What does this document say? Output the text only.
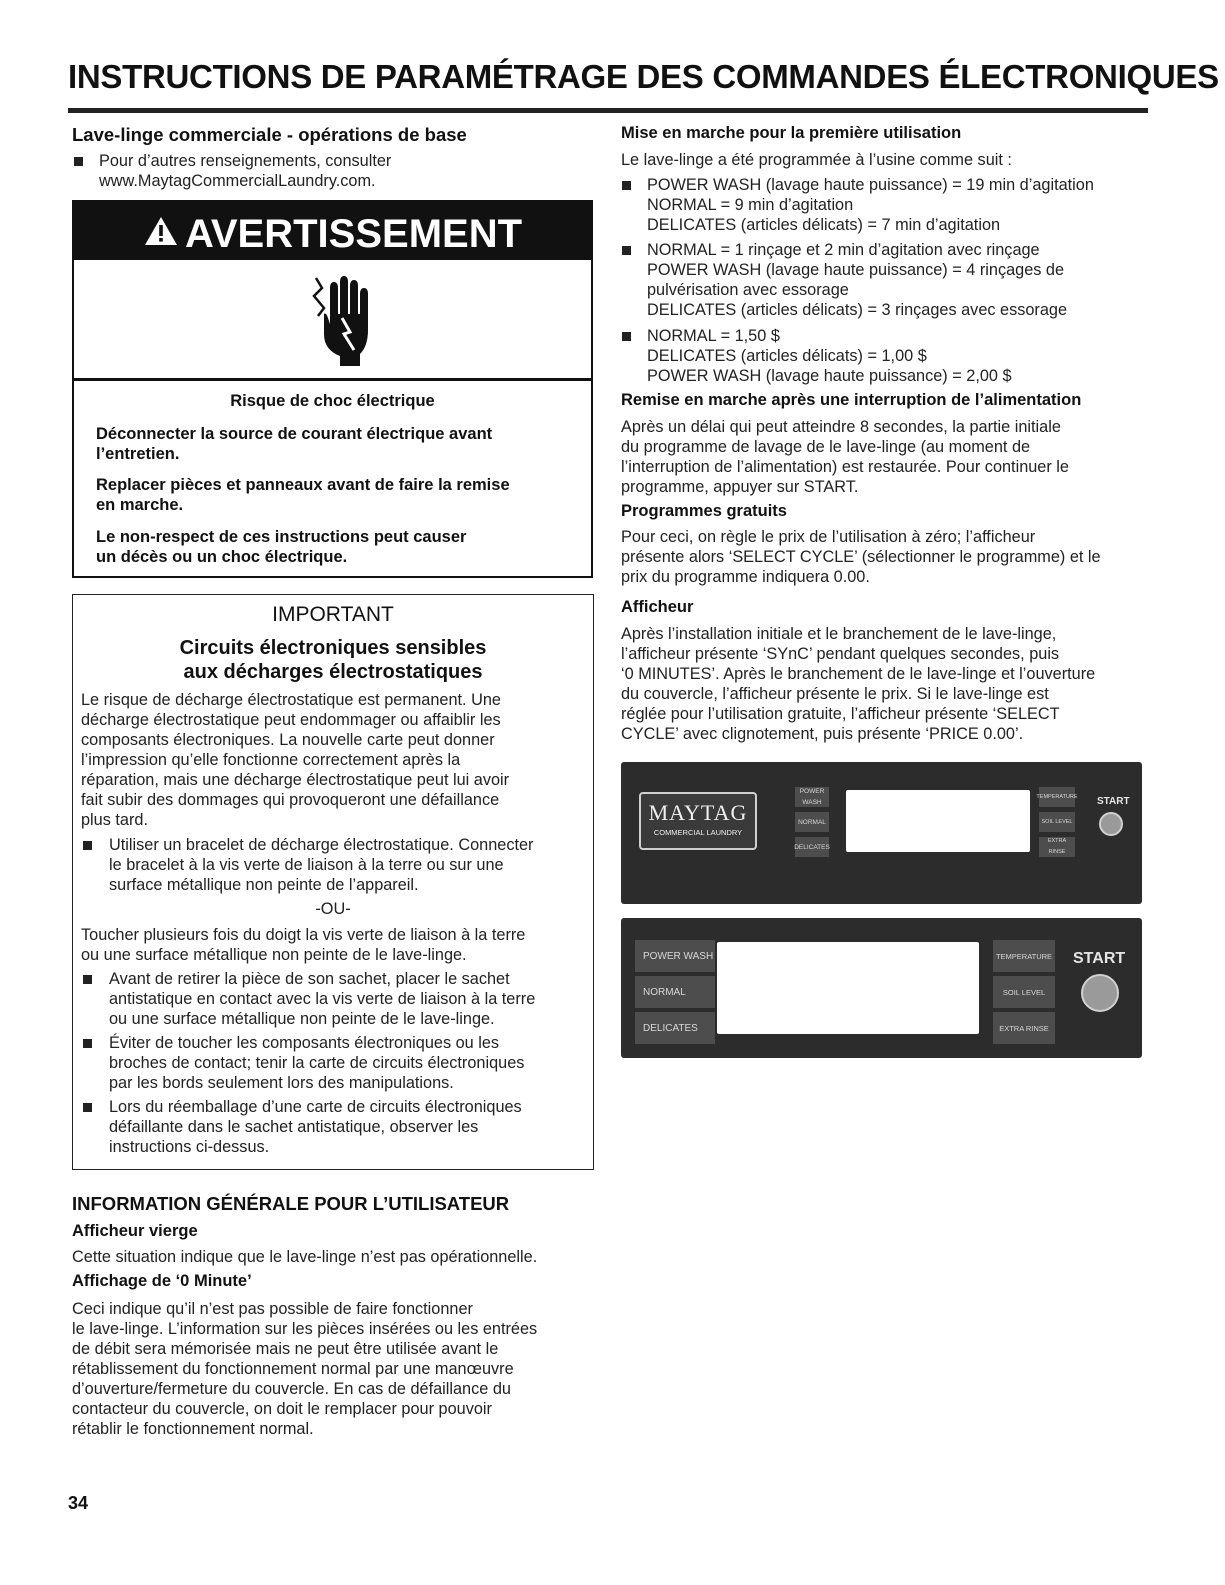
INSTRUCTIONS DE PARAMÉTRAGE DES COMMANDES ÉLECTRONIQUES
Lave-linge commerciale - opérations de base
Pour d’autres renseignements, consulter
www.MaytagCommercialLaundry.com.
AVERTISSEMENT
Risque de choc électrique
Déconnecter la source de courant électrique avant
l’entretien.
Replacer pièces et panneaux avant de faire la remise
en marche.
Le non-respect de ces instructions peut causer
un décès ou un choc électrique.
IMPORTANT
Circuits électroniques sensibles
aux décharges électrostatiques
Le risque de décharge électrostatique est permanent. Une
décharge électrostatique peut endommager ou affaiblir les
composants électroniques. La nouvelle carte peut donner
l’impression qu’elle fonctionne correctement après la
réparation, mais une décharge électrostatique peut lui avoir
fait subir des dommages qui provoqueront une défaillance
plus tard.
Utiliser un bracelet de décharge électrostatique. Connecter
le bracelet à la vis verte de liaison à la terre ou sur une
surface métallique non peinte de l’appareil.
-OU-
Toucher plusieurs fois du doigt la vis verte de liaison à la terre
ou une surface métallique non peinte de le lave-linge.
Avant de retirer la pièce de son sachet, placer le sachet
antistatique en contact avec la vis verte de liaison à la terre
ou une surface métallique non peinte de le lave-linge.
Éviter de toucher les composants électroniques ou les
broches de contact; tenir la carte de circuits électroniques
par les bords seulement lors des manipulations.
Lors du réemballage d’une carte de circuits électroniques
défaillante dans le sachet antistatique, observer les
instructions ci-dessus.
INFORMATION GÉNÉRALE POUR L’UTILISATEUR
Afficheur vierge
Cette situation indique que le lave-linge n’est pas opérationnelle.
Affichage de ‘0 Minute’
Ceci indique qu’il n’est pas possible de faire fonctionner
le lave-linge. L’information sur les pièces insérées ou les entrées
de débit sera mémorisée mais ne peut être utilisée avant le
rétablissement du fonctionnement normal par une manœuvre
d’ouverture/fermeture du couvercle. En cas de défaillance du
contacteur du couvercle, on doit le remplacer pour pouvoir
rétablir le fonctionnement normal.
Mise en marche pour la première utilisation
Le lave-linge a été programmée à l’usine comme suit :
POWER WASH (lavage haute puissance) = 19 min d’agitation
NORMAL = 9 min d’agitation
DELICATES (articles délicats) = 7 min d’agitation
NORMAL = 1 rinçage et 2 min d’agitation avec rinçage
POWER WASH (lavage haute puissance) = 4 rinçages de
pulvérisation avec essorage
DELICATES (articles délicats) = 3 rinçages avec essorage
NORMAL = 1,50 $
DELICATES (articles délicats) = 1,00 $
POWER WASH (lavage haute puissance) = 2,00 $
Remise en marche après une interruption de l’alimentation
Après un délai qui peut atteindre 8 secondes, la partie initiale
du programme de lavage de le lave-linge (au moment de
l’interruption de l’alimentation) est restaurée. Pour continuer le
programme, appuyer sur START.
Programmes gratuits
Pour ceci, on règle le prix de l’utilisation à zéro; l’afficheur
présente alors ‘SELECT CYCLE’ (sélectionner le programme) et le
prix du programme indiquera 0.00.
Afficheur
Après l’installation initiale et le branchement de le lave-linge,
l’afficheur présente ‘SYnC’ pendant quelques secondes, puis
‘0 MINUTES’. Après le branchement de le lave-linge et l’ouverture
du couvercle, l’afficheur présente le prix. Si le lave-linge est
réglée pour l’utilisation gratuite, l’afficheur présente ‘SELECT
CYCLE’ avec clignotement, puis présente ‘PRICE 0.00’.
MAYTAG
COMMERCIAL LAUNDRY
POWER WASH
NORMAL
DELICATES
TEMPERATURE
SOIL LEVEL
EXTRA RINSE
START
POWER WASH
NORMAL
DELICATES
TEMPERATURE
SOIL LEVEL
EXTRA RINSE
START
34
